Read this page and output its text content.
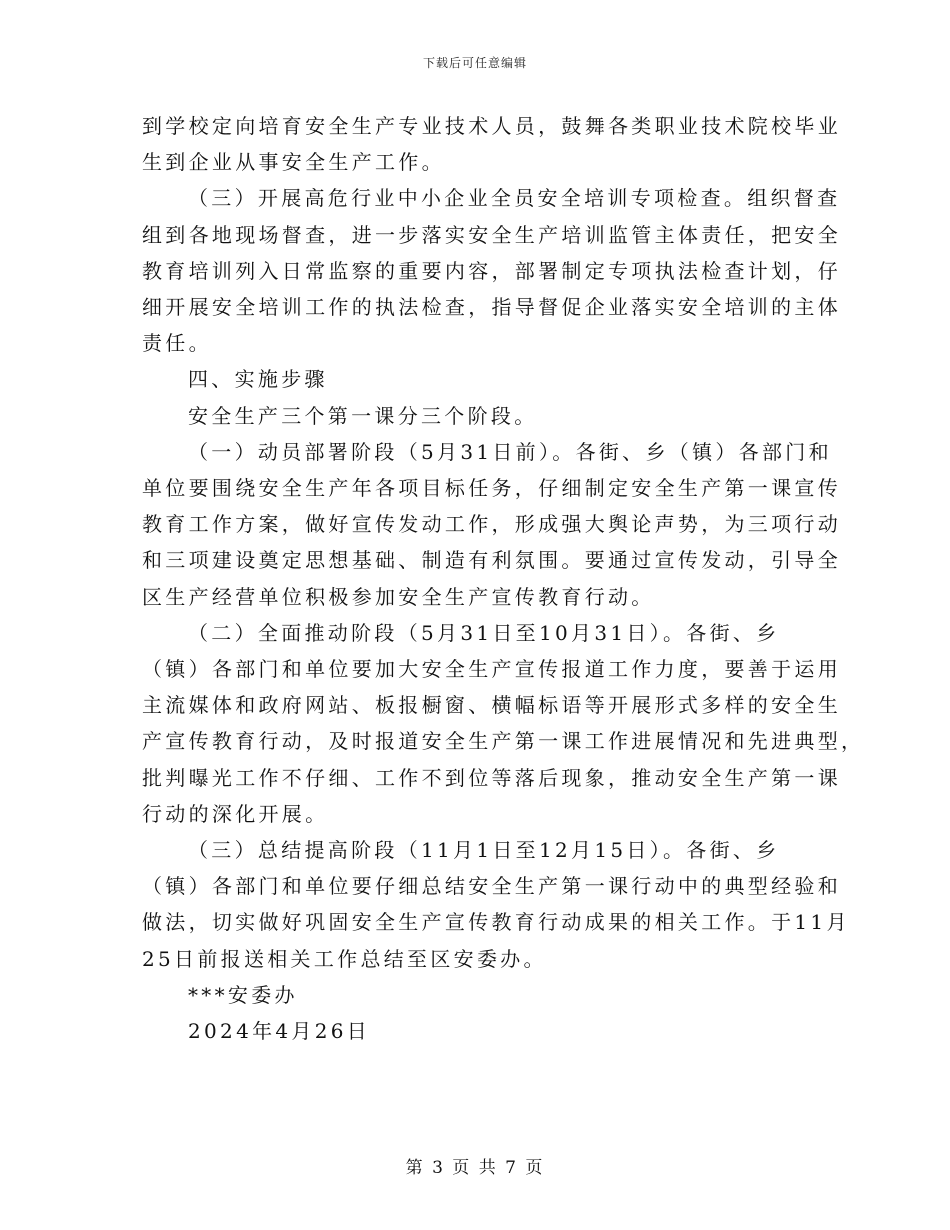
下载后可任意编辑
到学校定向培育安全生产专业技术人员，鼓舞各类职业技术院校毕业
生到企业从事安全生产工作。
（三）开展高危行业中小企业全员安全培训专项检查。组织督查
组到各地现场督查，进一步落实安全生产培训监管主体责任，把安全
教育培训列入日常监察的重要内容，部署制定专项执法检查计划，仔
细开展安全培训工作的执法检查，指导督促企业落实安全培训的主体
责任。
四、实施步骤
安全生产三个第一课分三个阶段。
（一）动员部署阶段（5月31日前）。各街、乡（镇）各部门和
单位要围绕安全生产年各项目标任务，仔细制定安全生产第一课宣传
教育工作方案，做好宣传发动工作，形成强大舆论声势，为三项行动
和三项建设奠定思想基础、制造有利氛围。要通过宣传发动，引导全
区生产经营单位积极参加安全生产宣传教育行动。
（二）全面推动阶段（5月31日至10月31日）。各街、乡
（镇）各部门和单位要加大安全生产宣传报道工作力度，要善于运用
主流媒体和政府网站、板报橱窗、横幅标语等开展形式多样的安全生
产宣传教育行动，及时报道安全生产第一课工作进展情况和先进典型，
批判曝光工作不仔细、工作不到位等落后现象，推动安全生产第一课
行动的深化开展。
（三）总结提高阶段（11月1日至12月15日）。各街、乡
（镇）各部门和单位要仔细总结安全生产第一课行动中的典型经验和
做法，切实做好巩固安全生产宣传教育行动成果的相关工作。于11月
25日前报送相关工作总结至区安委办。
***安委办
2024年4月26日
第 3 页 共 7 页
